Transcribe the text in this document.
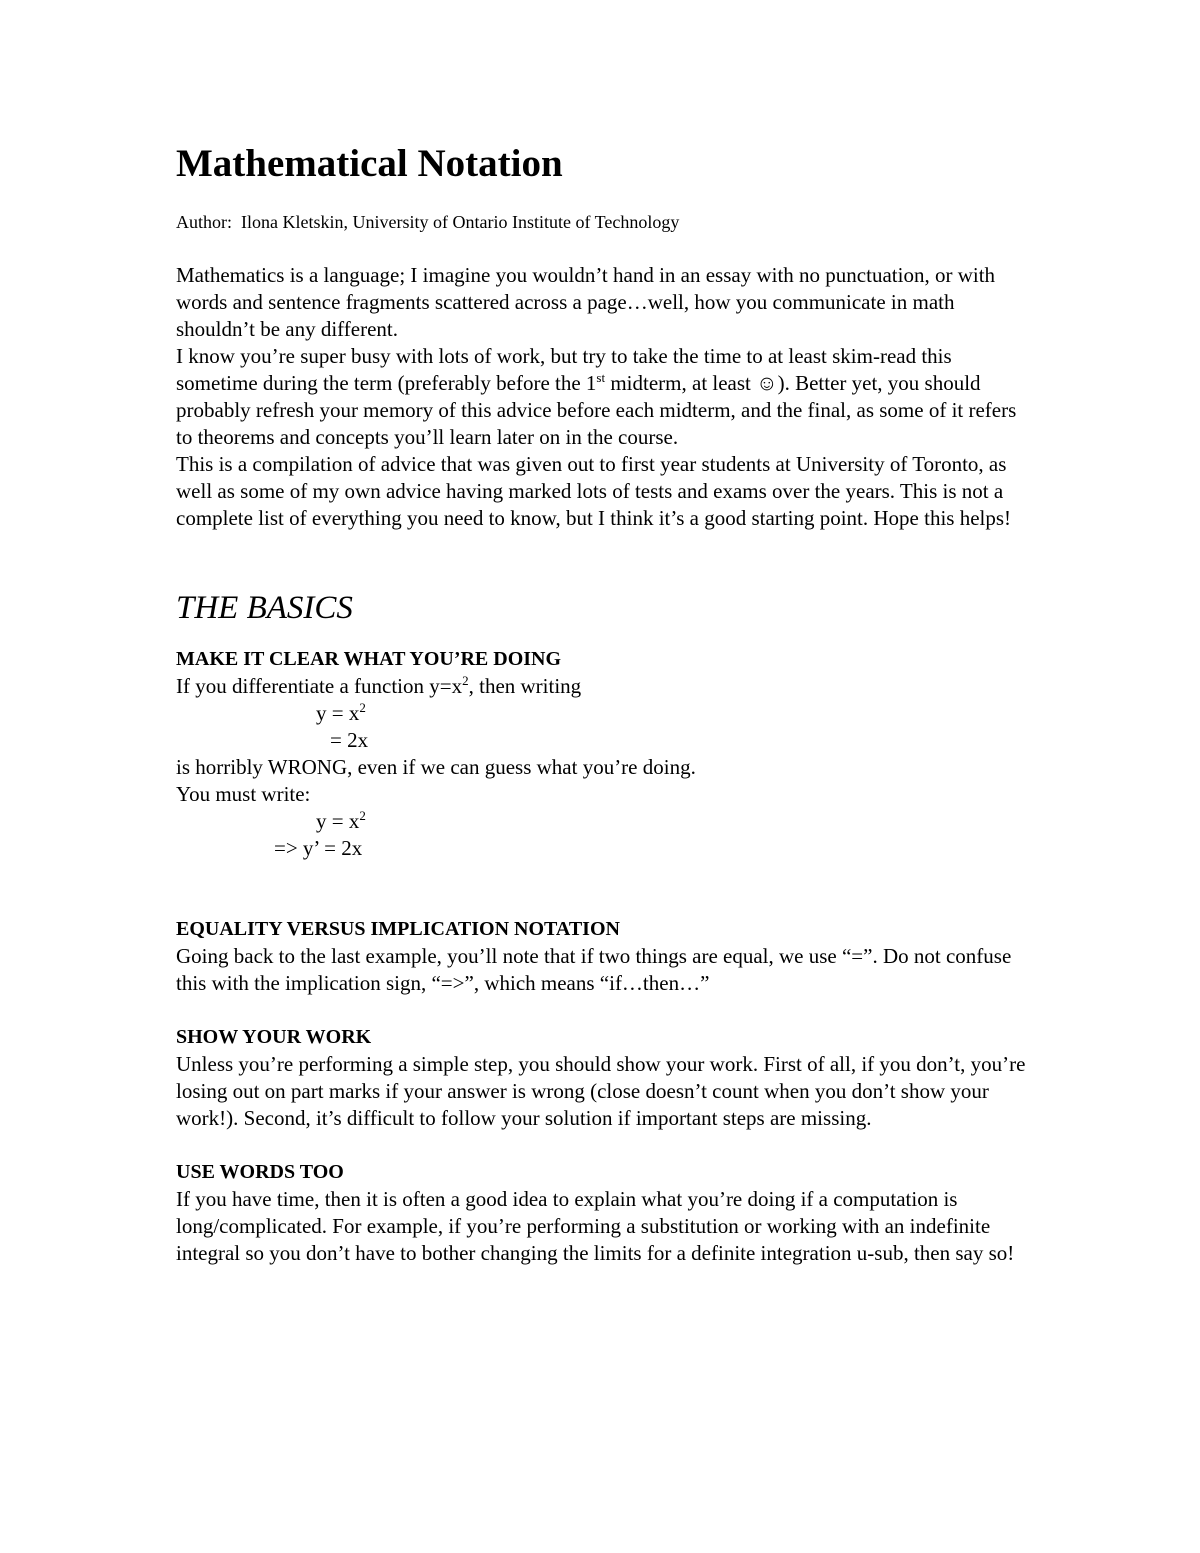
Mathematical Notation
Author: Ilona Kletskin, University of Ontario Institute of Technology

Mathematics is a language; I imagine you wouldn’t hand in an essay with no punctuation, or with words and sentence fragments scattered across a page…well, how you communicate in math shouldn’t be any different.

I know you’re super busy with lots of work, but try to take the time to at least skim-read this sometime during the term (preferably before the 1st midterm, at least ☺). Better yet, you should probably refresh your memory of this advice before each midterm, and the final, as some of it refers to theorems and concepts you’ll learn later on in the course.

This is a compilation of advice that was given out to first year students at University of Toronto, as well as some of my own advice having marked lots of tests and exams over the years. This is not a complete list of everything you need to know, but I think it’s a good starting point. Hope this helps!

THE BASICS
MAKE IT CLEAR WHAT YOU’RE DOING
If you differentiate a function $y=x^2$, then writing
$y = x^2$
= 2x
is horribly WRONG, even if we can guess what you’re doing.
You must write:
$y = x^2$
=> y’ = 2x
EQUALITY VERSUS IMPLICATION NOTATION

Going back to the last example, you’ll note that if two things are equal, we use “=”. Do not confuse this with the implication sign, “=>”, which means “if…then…”

SHOW YOUR WORK

Unless you’re performing a simple step, you should show your work. First of all, if you don’t, you’re losing out on part marks if your answer is wrong (close doesn’t count when you don’t show your work!). Second, it’s difficult to follow your solution if important steps are missing.

USE WORDS TOO

If you have time, then it is often a good idea to explain what you’re doing if a computation is long/complicated. For example, if you’re performing a substitution or working with an indefinite integral so you don’t have to bother changing the limits for a definite integration u-sub, then say so!
